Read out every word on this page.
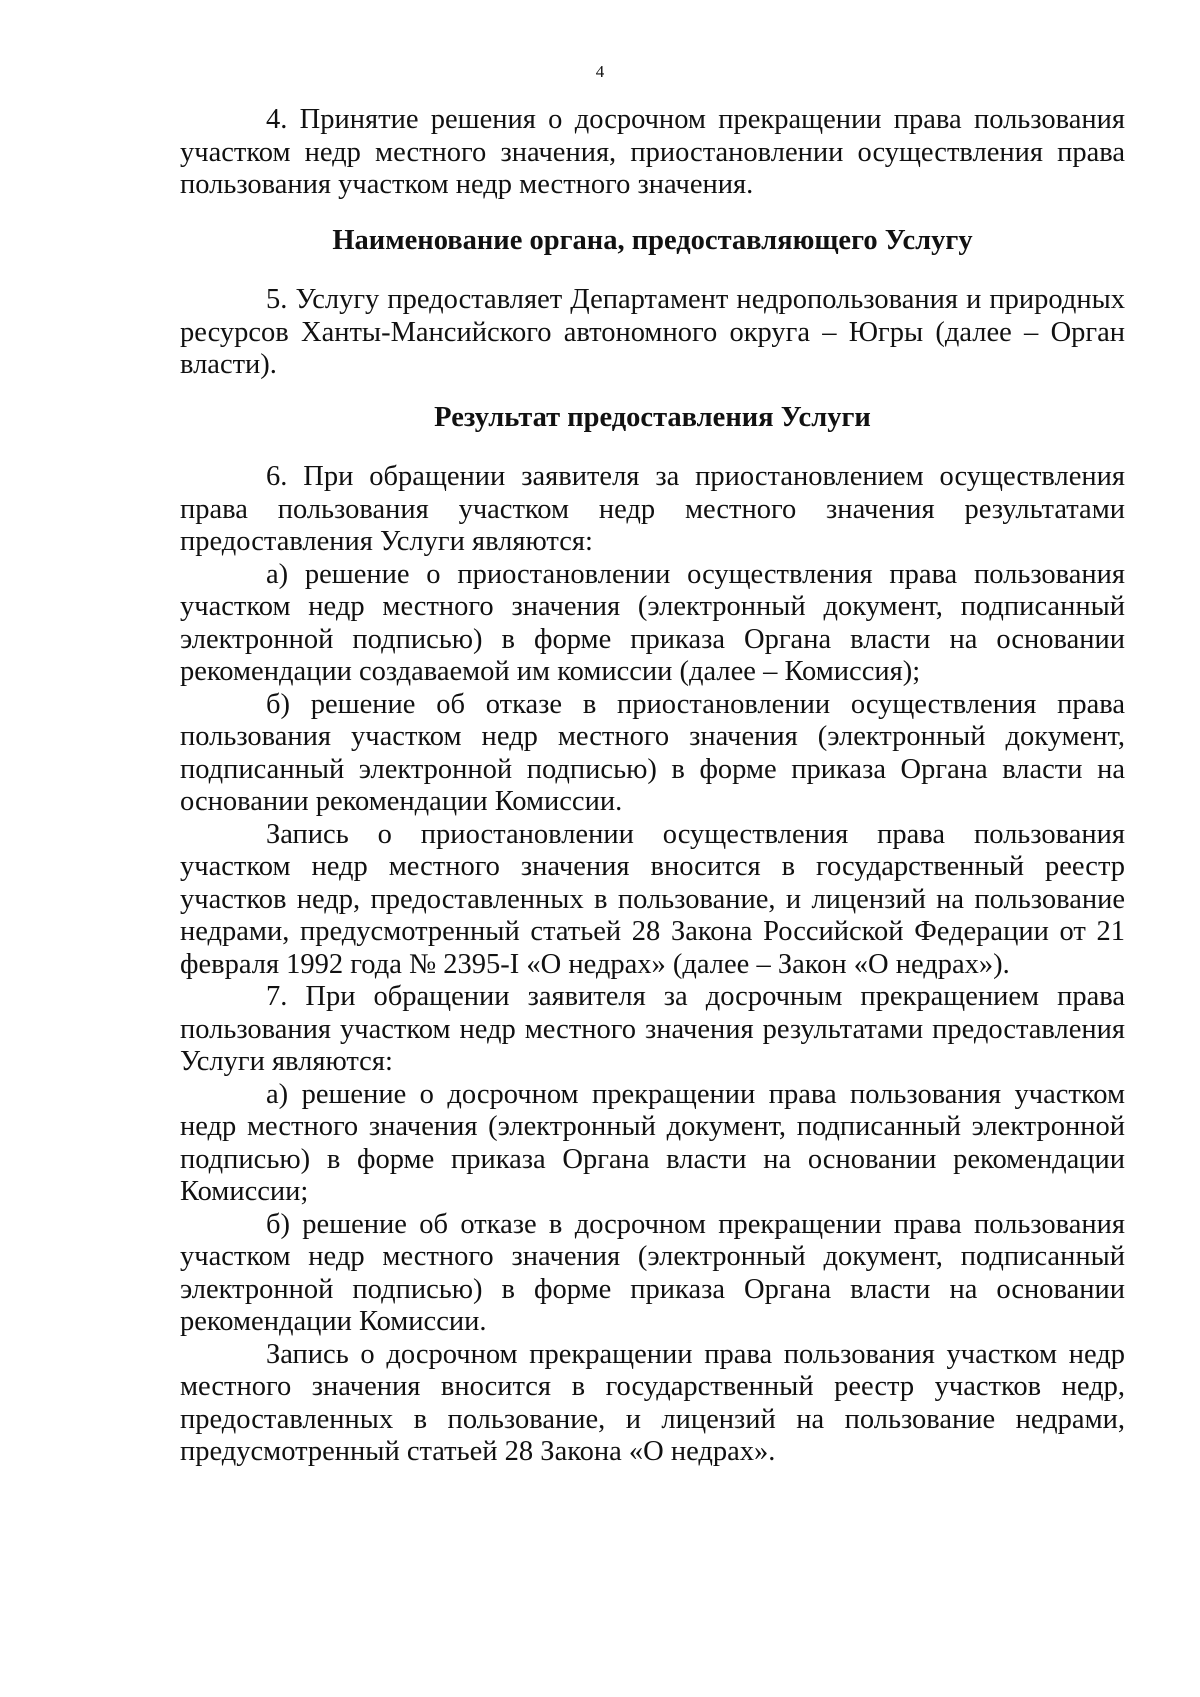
4

4. Принятие решения о досрочном прекращении права пользования участком недр местного значения, приостановлении осуществления права пользования участком недр местного значения.

Наименование органа, предоставляющего Услугу

5. Услугу предоставляет Департамент недропользования и природных ресурсов Ханты-Мансийского автономного округа – Югры (далее – Орган власти).

Результат предоставления Услуги

6. При обращении заявителя за приостановлением осуществления права пользования участком недр местного значения результатами предоставления Услуги являются:

а) решение о приостановлении осуществления права пользования участком недр местного значения (электронный документ, подписанный электронной подписью) в форме приказа Органа власти на основании рекомендации создаваемой им комиссии (далее – Комиссия);

б) решение об отказе в приостановлении осуществления права пользования участком недр местного значения (электронный документ, подписанный электронной подписью) в форме приказа Органа власти на основании рекомендации Комиссии.

Запись о приостановлении осуществления права пользования участком недр местного значения вносится в государственный реестр участков недр, предоставленных в пользование, и лицензий на пользование недрами, предусмотренный статьей 28 Закона Российской Федерации от 21 февраля 1992 года № 2395-I «О недрах» (далее – Закон «О недрах»).

7. При обращении заявителя за досрочным прекращением права пользования участком недр местного значения результатами предоставления Услуги являются:

а) решение о досрочном прекращении права пользования участком недр местного значения (электронный документ, подписанный электронной подписью) в форме приказа Органа власти на основании рекомендации Комиссии;

б) решение об отказе в досрочном прекращении права пользования участком недр местного значения (электронный документ, подписанный электронной подписью) в форме приказа Органа власти на основании рекомендации Комиссии.

Запись о досрочном прекращении права пользования участком недр местного значения вносится в государственный реестр участков недр, предоставленных в пользование, и лицензий на пользование недрами, предусмотренный статьей 28 Закона «О недрах».
